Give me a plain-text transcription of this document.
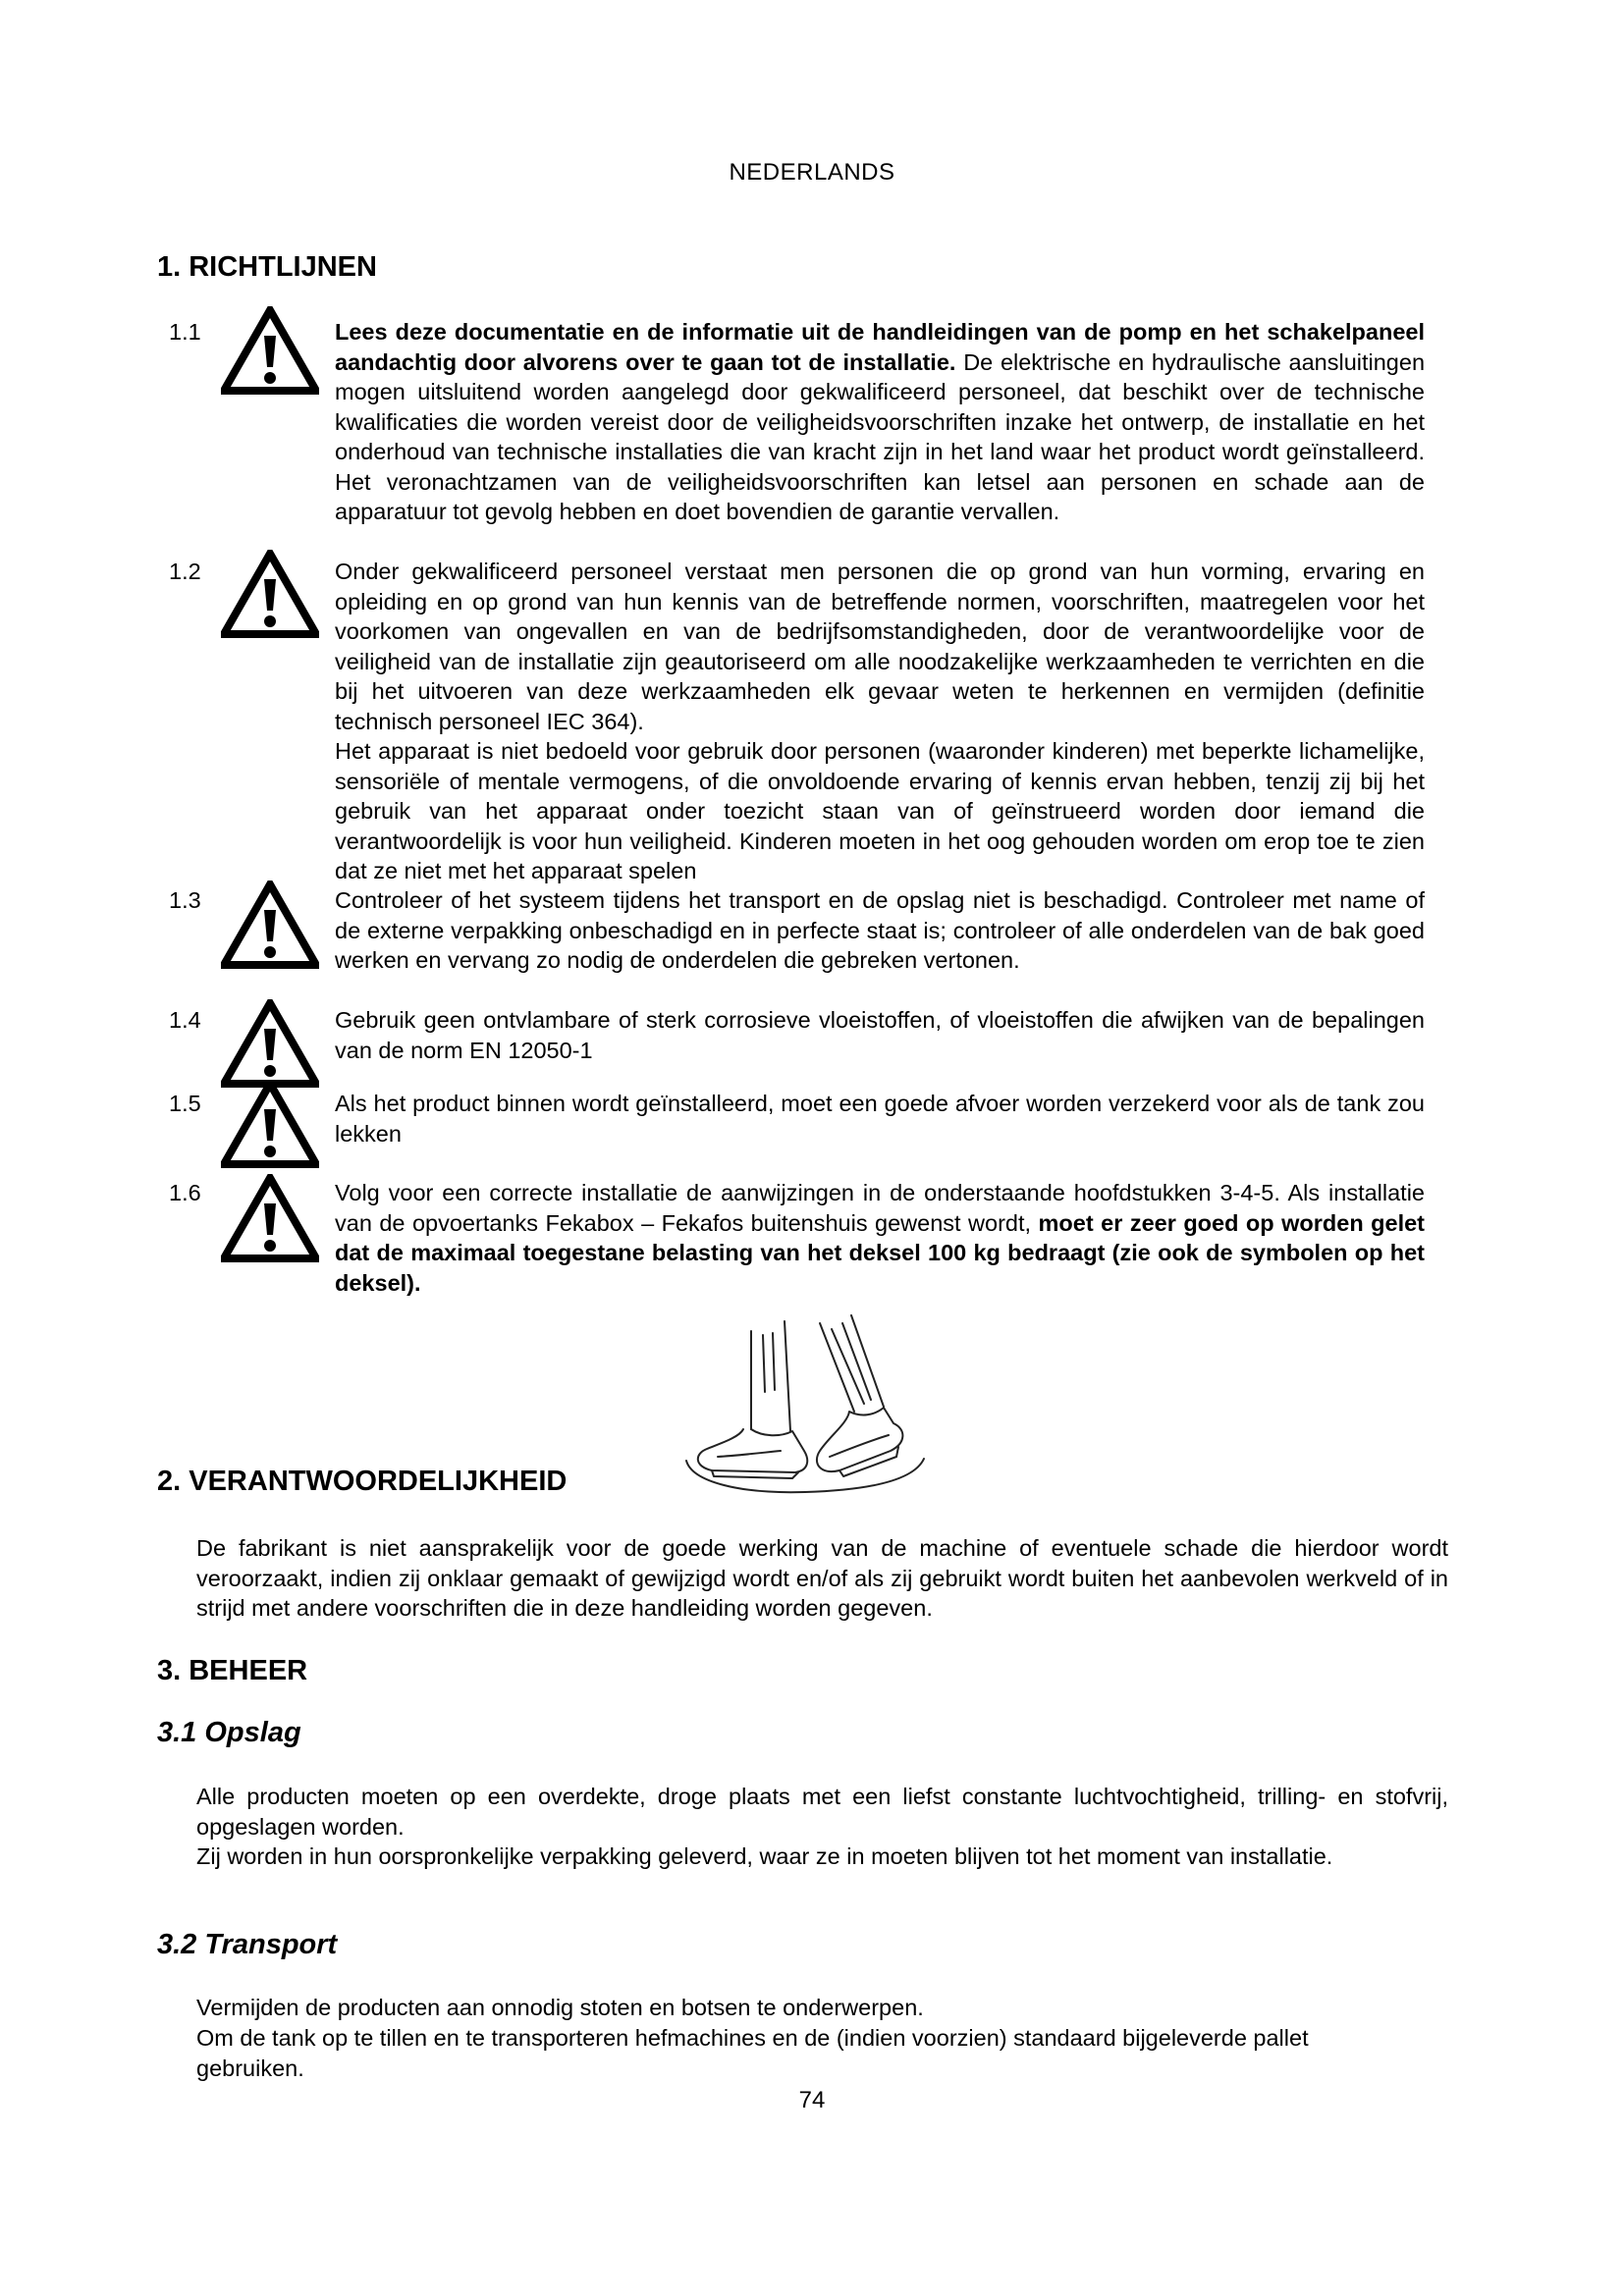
NEDERLANDS
1. RICHTLIJNEN
1.1	Lees deze documentatie en de informatie uit de handleidingen van de pomp en het schakelpaneel aandachtig door alvorens over te gaan tot de installatie. De elektrische en hydraulische aansluitingen mogen uitsluitend worden aangelegd door gekwalificeerd personeel, dat beschikt over de technische kwalificaties die worden vereist door de veiligheidsvoorschriften inzake het ontwerp, de installatie en het onderhoud van technische installaties die van kracht zijn in het land waar het product wordt geïnstalleerd. Het veronachtzamen van de veiligheidsvoorschriften kan letsel aan personen en schade aan de apparatuur tot gevolg hebben en doet bovendien de garantie vervallen.
1.2	Onder gekwalificeerd personeel verstaat men personen die op grond van hun vorming, ervaring en opleiding en op grond van hun kennis van de betreffende normen, voorschriften, maatregelen voor het voorkomen van ongevallen en van de bedrijfsomstandigheden, door de verantwoordelijke voor de veiligheid van de installatie zijn geautoriseerd om alle noodzakelijke werkzaamheden te verrichten en die bij het uitvoeren van deze werkzaamheden elk gevaar weten te herkennen en vermijden (definitie technisch personeel IEC 364).
Het apparaat is niet bedoeld voor gebruik door personen (waaronder kinderen) met beperkte lichamelijke, sensoriële of mentale vermogens, of die onvoldoende ervaring of kennis ervan hebben, tenzij zij bij het gebruik van het apparaat onder toezicht staan van of geïnstrueerd worden door iemand die verantwoordelijk is voor hun veiligheid. Kinderen moeten in het oog gehouden worden om erop toe te zien dat ze niet met het apparaat spelen
1.3	Controleer of het systeem tijdens het transport en de opslag niet is beschadigd. Controleer met name of de externe verpakking onbeschadigd en in perfecte staat is; controleer of alle onderdelen van de bak goed werken en vervang zo nodig de onderdelen die gebreken vertonen.
1.4	Gebruik geen ontvlambare of sterk corrosieve vloeistoffen, of vloeistoffen die afwijken van de bepalingen van de norm EN 12050-1
1.5	Als het product binnen wordt geïnstalleerd, moet een goede afvoer worden verzekerd voor als de tank zou lekken
1.6	Volg voor een correcte installatie de aanwijzingen in de onderstaande hoofdstukken 3-4-5. Als installatie van de opvoertanks Fekabox – Fekafos buitenshuis gewenst wordt, moet er zeer goed op worden gelet dat de maximaal toegestane belasting van het deksel 100 kg bedraagt (zie ook de symbolen op het deksel).
2. VERANTWOORDELIJKHEID
De fabrikant is niet aansprakelijk voor de goede werking van de machine of eventuele schade die hierdoor wordt veroorzaakt, indien zij onklaar gemaakt of gewijzigd wordt en/of als zij gebruikt wordt buiten het aanbevolen werkveld of in strijd met andere voorschriften die in deze handleiding worden gegeven.
3. BEHEER
3.1 Opslag
Alle producten moeten op een overdekte, droge plaats met een liefst constante luchtvochtigheid, trilling- en stofvrij, opgeslagen worden.
Zij worden in hun oorspronkelijke verpakking geleverd, waar ze in moeten blijven tot het moment van installatie.
3.2 Transport
Vermijden de producten aan onnodig stoten en botsen te onderwerpen.
Om de tank op te tillen en te transporteren hefmachines en de (indien voorzien) standaard bijgeleverde pallet gebruiken.
74
